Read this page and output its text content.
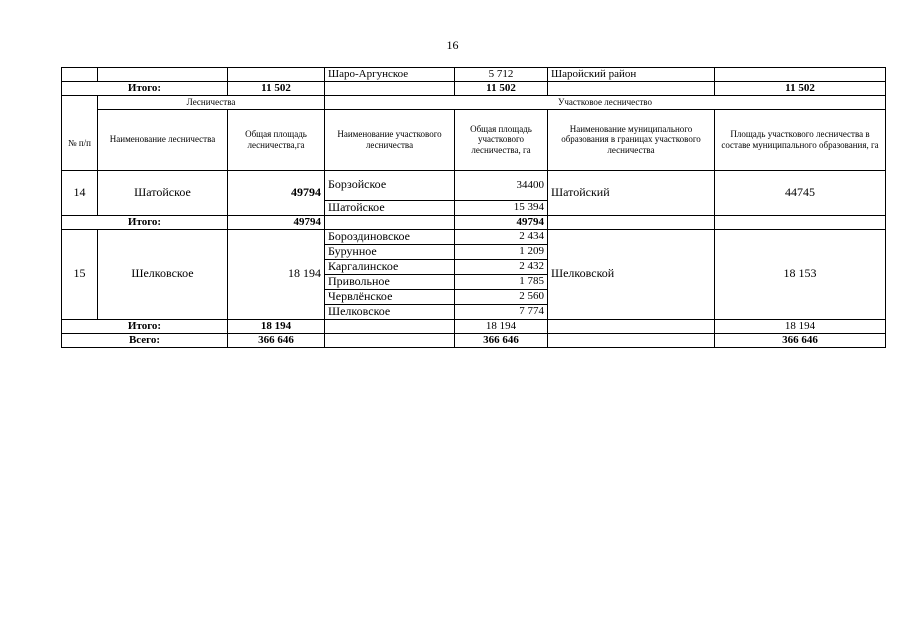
16
			Шаро-Аргунское	5 712	Шаройский район	
Итого:		11 502		11 502		11 502
	Лесничества		Участковое лесничество			
№ п/п	Наименование лесничества	Общая площадь лесничества,га	Наименование участкового лесничества	Общая площадь участкового лесничества, га	Наименование муниципального образования в границах участкового лесничества	Площадь участкового лесничества в составе муниципального образования, га
14	Шатойское	49794	Борзойское	34400	Шатойский	44745
			Шатойское	15 394		
Итого:		49794		49794		
15	Шелковское	18 194	Бороздиновское	2 434	Шелковской	18 153
			Бурунное	1 209		
			Каргалинское	2 432		
			Привольное	1 785		
			Червлёнское	2 560		
			Шелковское	7 774		
Итого:		18 194		18 194		18 194
Всего:		366 646		366 646		366 646
